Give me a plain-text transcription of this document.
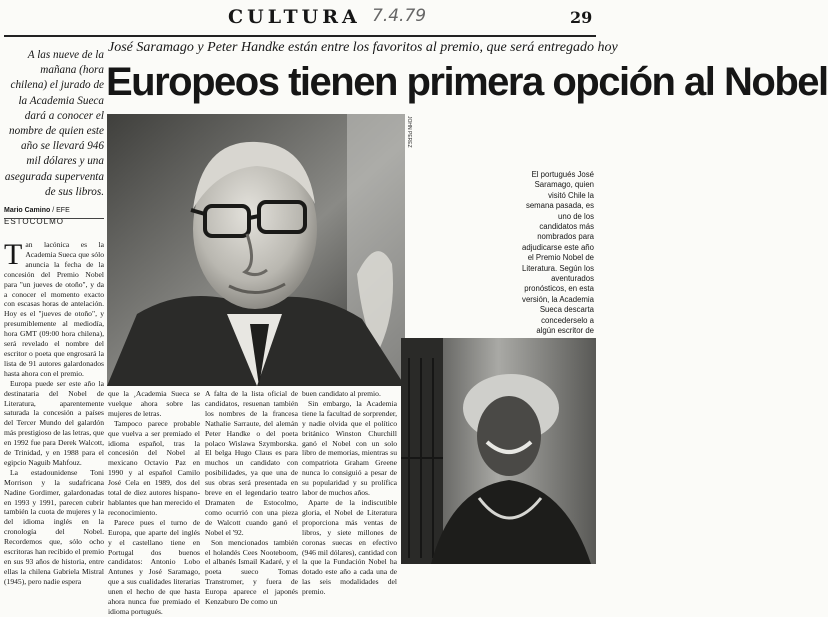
CULTURA 7.4.79	29
José Saramago y Peter Handke están entre los favoritos al premio, que será entregado hoy
Europeos tienen primera opción al Nobel
A las nueve de la mañana (hora chilena) el jurado de la Academia Sueca dará a conocer el nombre de quien este año se llevará 946 mil dólares y una asegurada superventa de sus libros.
Mario Camino / EFE
ESTOCOLMO

Tan lacónica es la Academia Sueca que sólo anuncia la fecha de la concesión del Premio Nobel para "un jueves de otoño", y da a conocer el momento exacto con escasas horas de antelación. Hoy es el "jueves de otoño", y presumiblemente al mediodía, hora GMT (09:00 hora chilena), será revelado el nombre del escritor o poeta que engrosará la lista de 91 autores galardonados hasta ahora con el premio.

Europa puede ser este año la destinataria del Nobel de Literatura, aparentemente saturada la concesión a países del Tercer Mundo del galardón más prestigioso de las letras, que en 1992 fue para Derek Walcott, de Trinidad, y en 1988 para el egipcio Naguib Mahfouz.

La estadounidense Toni Morrison y la sudafricana Nadine Gordimer, galardonadas en 1993 y 1991, parecen cubrir también la cuota de mujeres y la del idioma inglés en la cronología del Nobel. Recordemos que, sólo ocho escritoras han recibido el premio en sus 93 años de historia, entre ellas la chilena Gabriela Mistral (1945), pero nadie espera

que la ¸Academia Sueca se vuelque ahora sobre las mujeres de letras.

Tampoco parece probable que vuelva a ser premiado el idioma español, tras la concesión del Nobel al mexicano Octavio Paz en 1990 y al español Camilo José Cela en 1989, dos del total de diez autores hispano-hablantes que han merecido el reconocimiento.

Parece pues el turno de Europa, que aparte del inglés y el castellano tiene en Portugal dos buenos candidatos: Antonio Lobo Antunes y José Saramago, que a sus cualidades literarias unen el hecho de que hasta ahora nunca fue premiado el idioma portugués.

A falta de la lista oficial de candidatos, resuenan también los nombres de la francesa Nathalie Sarraute, del alemán Peter Handke o del poeta polaco Wislawa Szymborska. El belga Hugo Claus es para muchos un candidato con posibilidades, ya que una de sus obras será presentada en breve en el legendario teatro Dramaten de Estocolmo, como ocurrió con una pieza de Walcott cuando ganó el Nobel el '92.

Son mencionados también el holandés Cees Nooteboom, el albanés Ismail Kadaré, y el poeta sueco Tomas Transtromer, y fuera de Europa aparece el japonés Kenzaburo De como un

buen candidato al premio.

Sin embargo, la Academia tiene la facultad de sorprender, y nadie olvida que el político británico Winston Churchill ganó el Nobel con un solo libro de memorias, mientras su compatriota Graham Greene nunca lo consiguió a pesar de su popularidad y su prolífica labor de muchos años.

Aparte de la indiscutible gloria, el Nobel de Literatura proporciona más ventas de libros, y siete millones de coronas suecas en efectivo (946 mil dólares), cantidad con la que la Fundación Nobel ha dotado este año a cada una de las seis modalidades del premio.

JOHN PEREZ
El portugués José
Saramago, quien
visitó Chile la
semana pasada, es
uno de los
candidatos más
nombrados para
adjudicarse este año
el Premio Nobel de
Literatura. Según los
aventurados
pronósticos, en esta
versión, la Academia
Sueca descarta
concederselo a
algún escritor de
